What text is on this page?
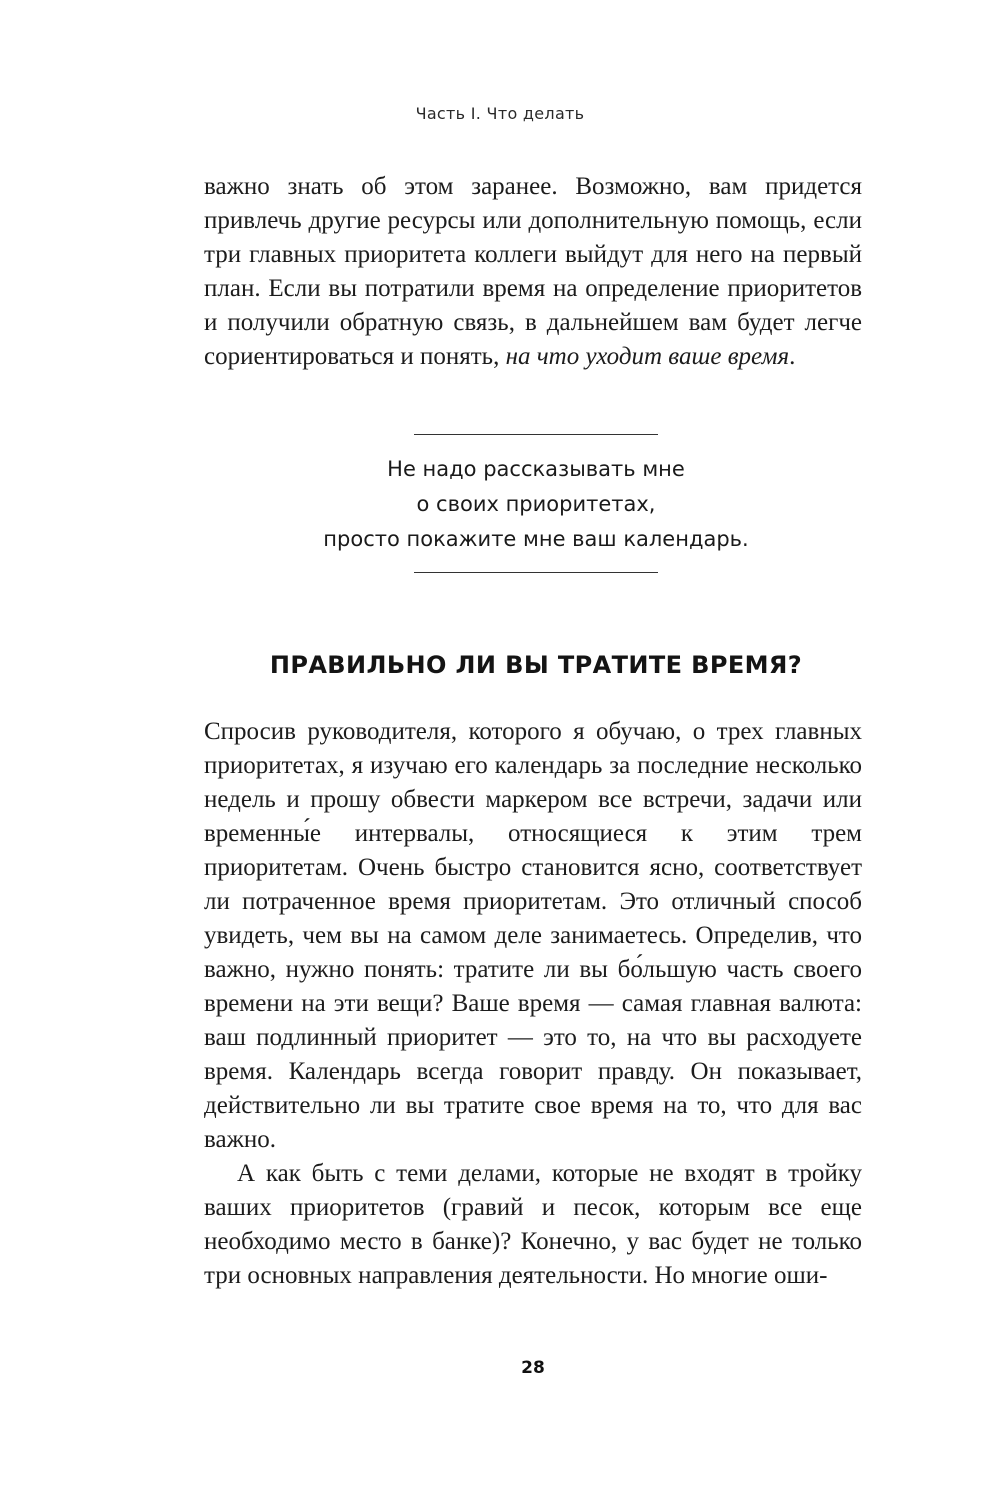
Часть I. Что делать

важно знать об этом заранее. Возможно, вам придется привлечь другие ресурсы или дополнительную помощь, если три главных приоритета коллеги выйдут для него на первый план. Если вы потратили время на определение приоритетов и получили обратную связь, в дальнейшем вам будет легче сориентироваться и понять, на что уходит ваше время.

Не надо рассказывать мне
о своих приоритетах,
просто покажите мне ваш календарь.
ПРАВИЛЬНО ЛИ ВЫ ТРАТИТЕ ВРЕМЯ?

Спросив руководителя, которого я обучаю, о трех главных приоритетах, я изучаю его календарь за последние несколько недель и прошу обвести маркером все встречи, задачи или временны́е интервалы, относящиеся к этим трем приоритетам. Очень быстро становится ясно, соответствует ли потраченное время приоритетам. Это отличный способ увидеть, чем вы на самом деле занимаетесь. Определив, что важно, нужно понять: тратите ли вы бо́льшую часть своего времени на эти вещи? Ваше время — самая главная валюта: ваш подлинный приоритет — это то, на что вы расходуете время. Календарь всегда говорит правду. Он показывает, действительно ли вы тратите свое время на то, что для вас важно.

А как быть с теми делами, которые не входят в тройку ваших приоритетов (гравий и песок, которым все еще необходимо место в банке)? Конечно, у вас будет не только три основных направления деятельности. Но многие оши-

28
